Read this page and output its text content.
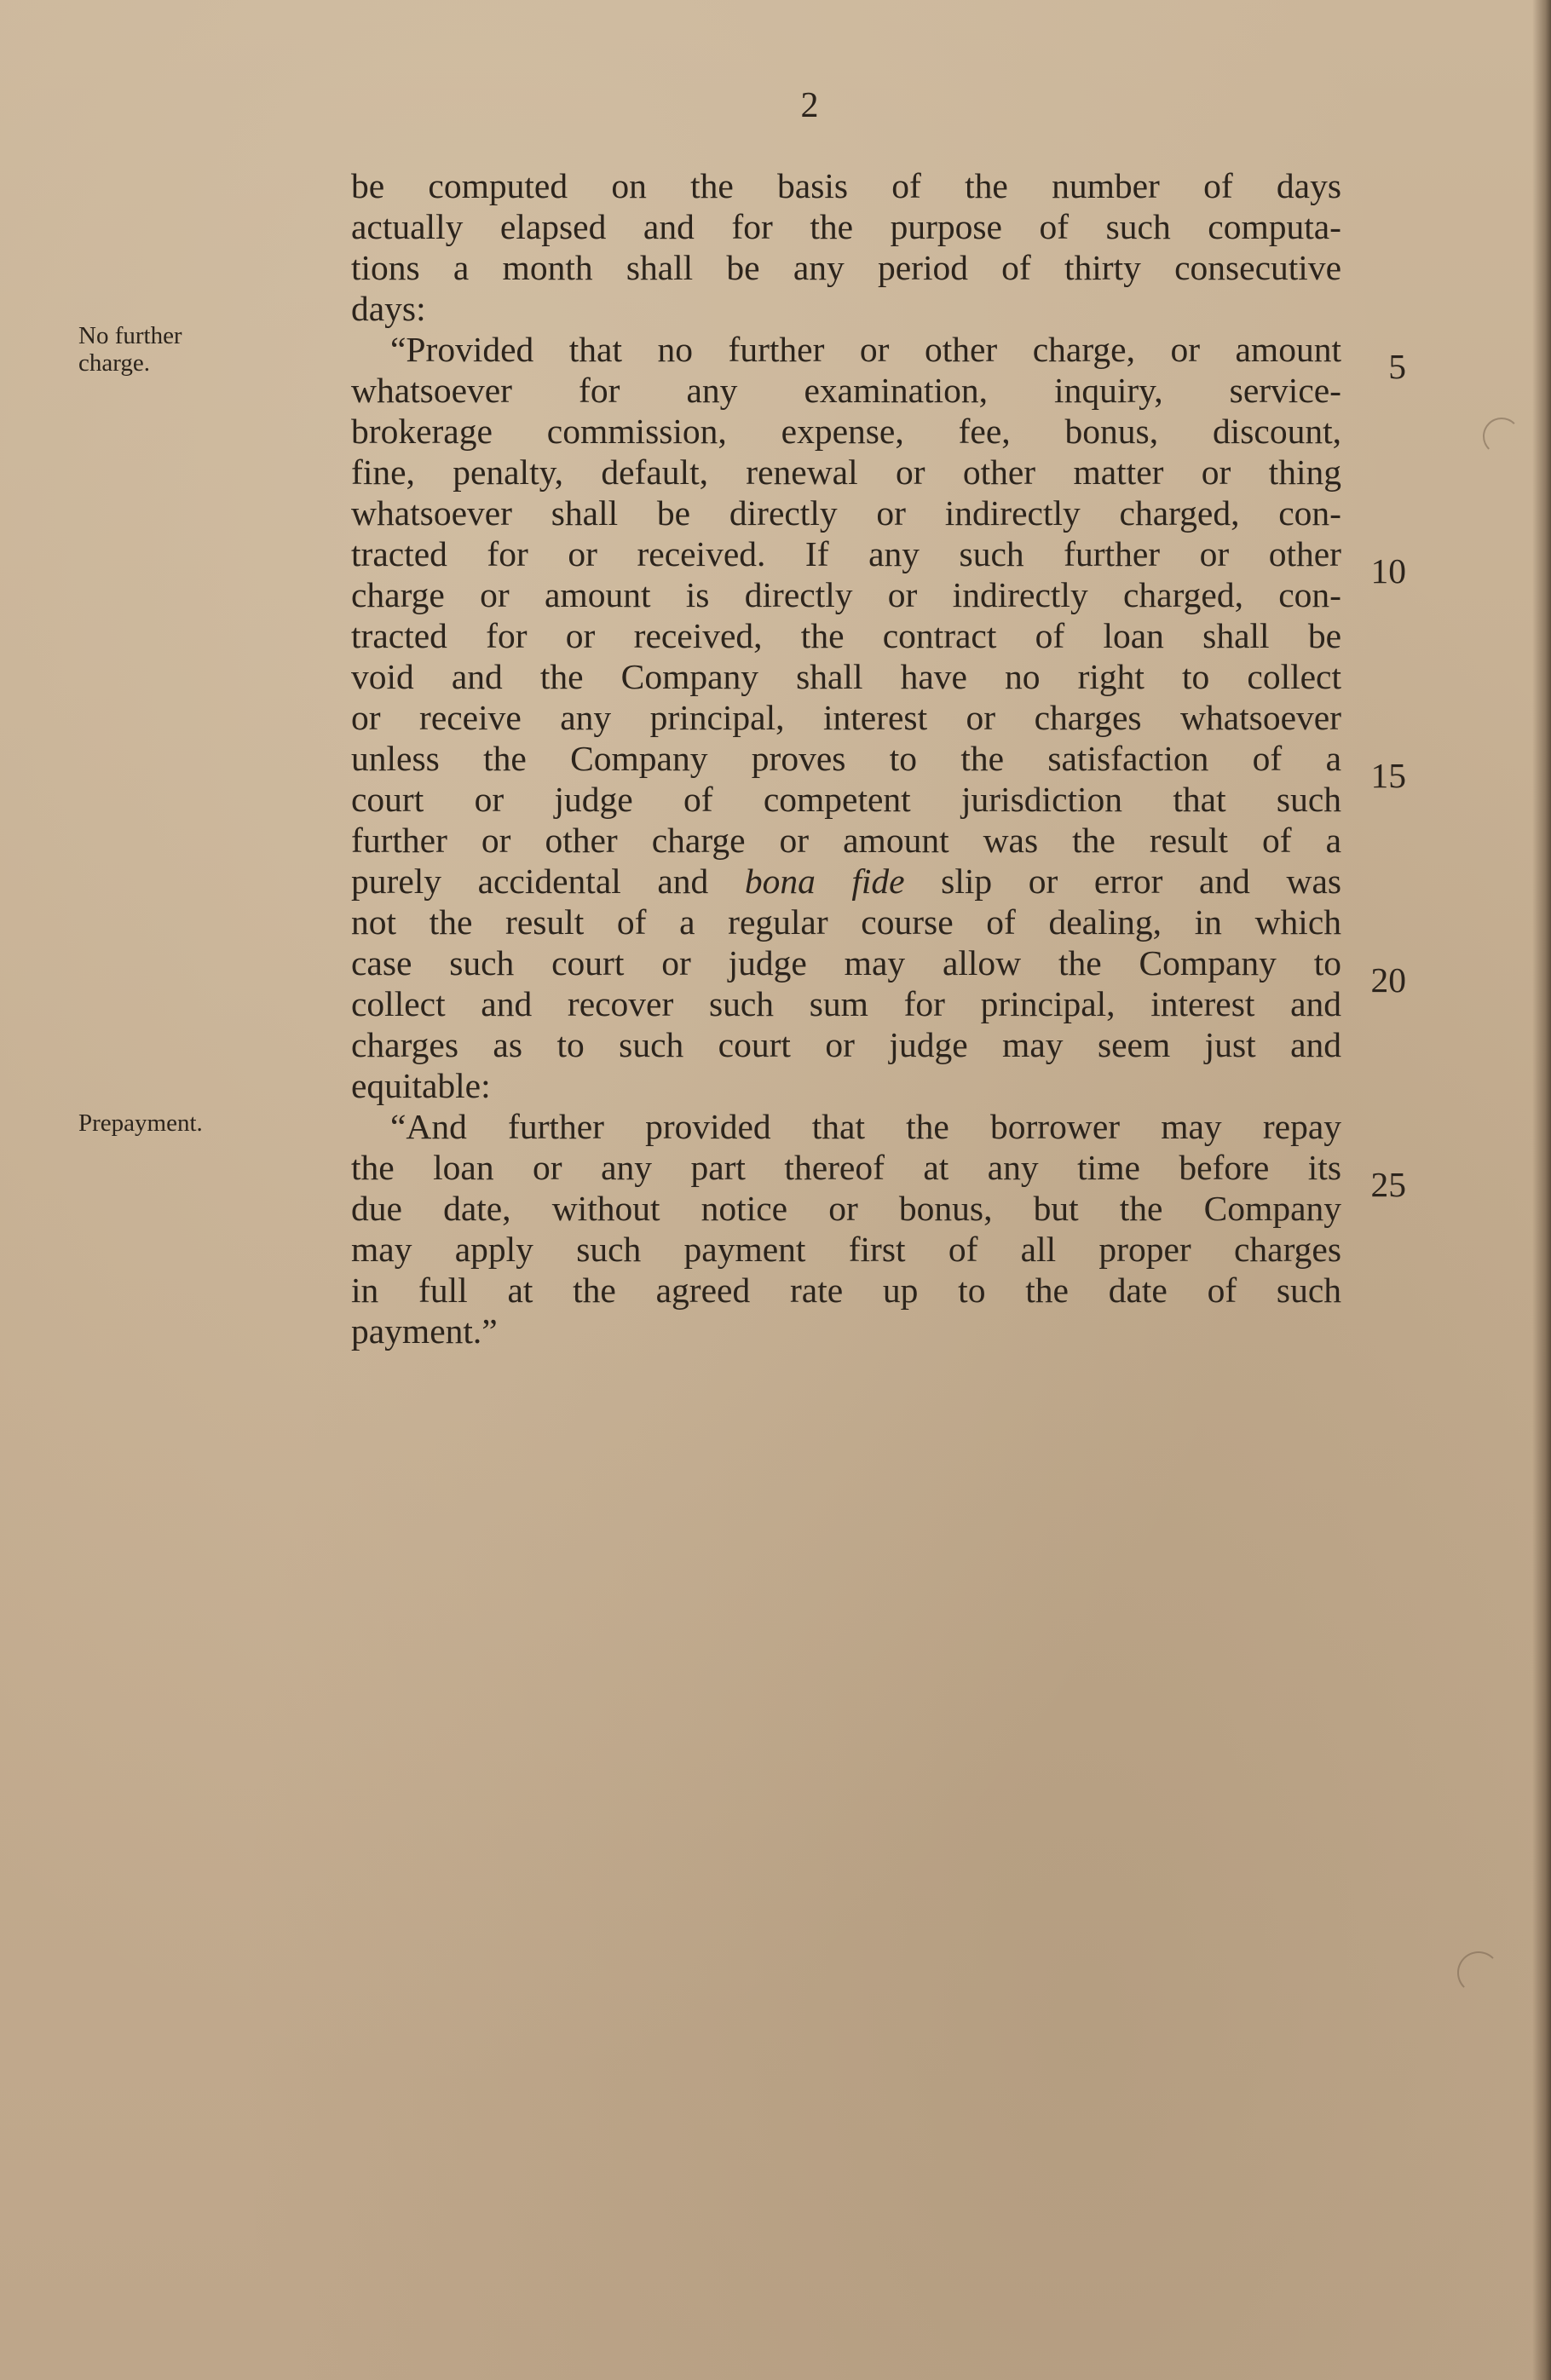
2
No further
charge.
Prepayment.
5
10
15
20
25
be computed on the basis of the number of days
actually elapsed and for the purpose of such computa-
tions a month shall be any period of thirty consecutive
days:
“Provided that no further or other charge, or amount
whatsoever for any examination, inquiry, service-
brokerage commission, expense, fee, bonus, discount,
fine, penalty, default, renewal or other matter or thing
whatsoever shall be directly or indirectly charged, con-
tracted for or received. If any such further or other
charge or amount is directly or indirectly charged, con-
tracted for or received, the contract of loan shall be
void and the Company shall have no right to collect
or receive any principal, interest or charges whatsoever
unless the Company proves to the satisfaction of a
court or judge of competent jurisdiction that such
further or other charge or amount was the result of a
purely accidental and bona fide slip or error and was
not the result of a regular course of dealing, in which
case such court or judge may allow the Company to
collect and recover such sum for principal, interest and
charges as to such court or judge may seem just and
equitable:
“And further provided that the borrower may repay
the loan or any part thereof at any time before its
due date, without notice or bonus, but the Company
may apply such payment first of all proper charges
in full at the agreed rate up to the date of such
payment.”
